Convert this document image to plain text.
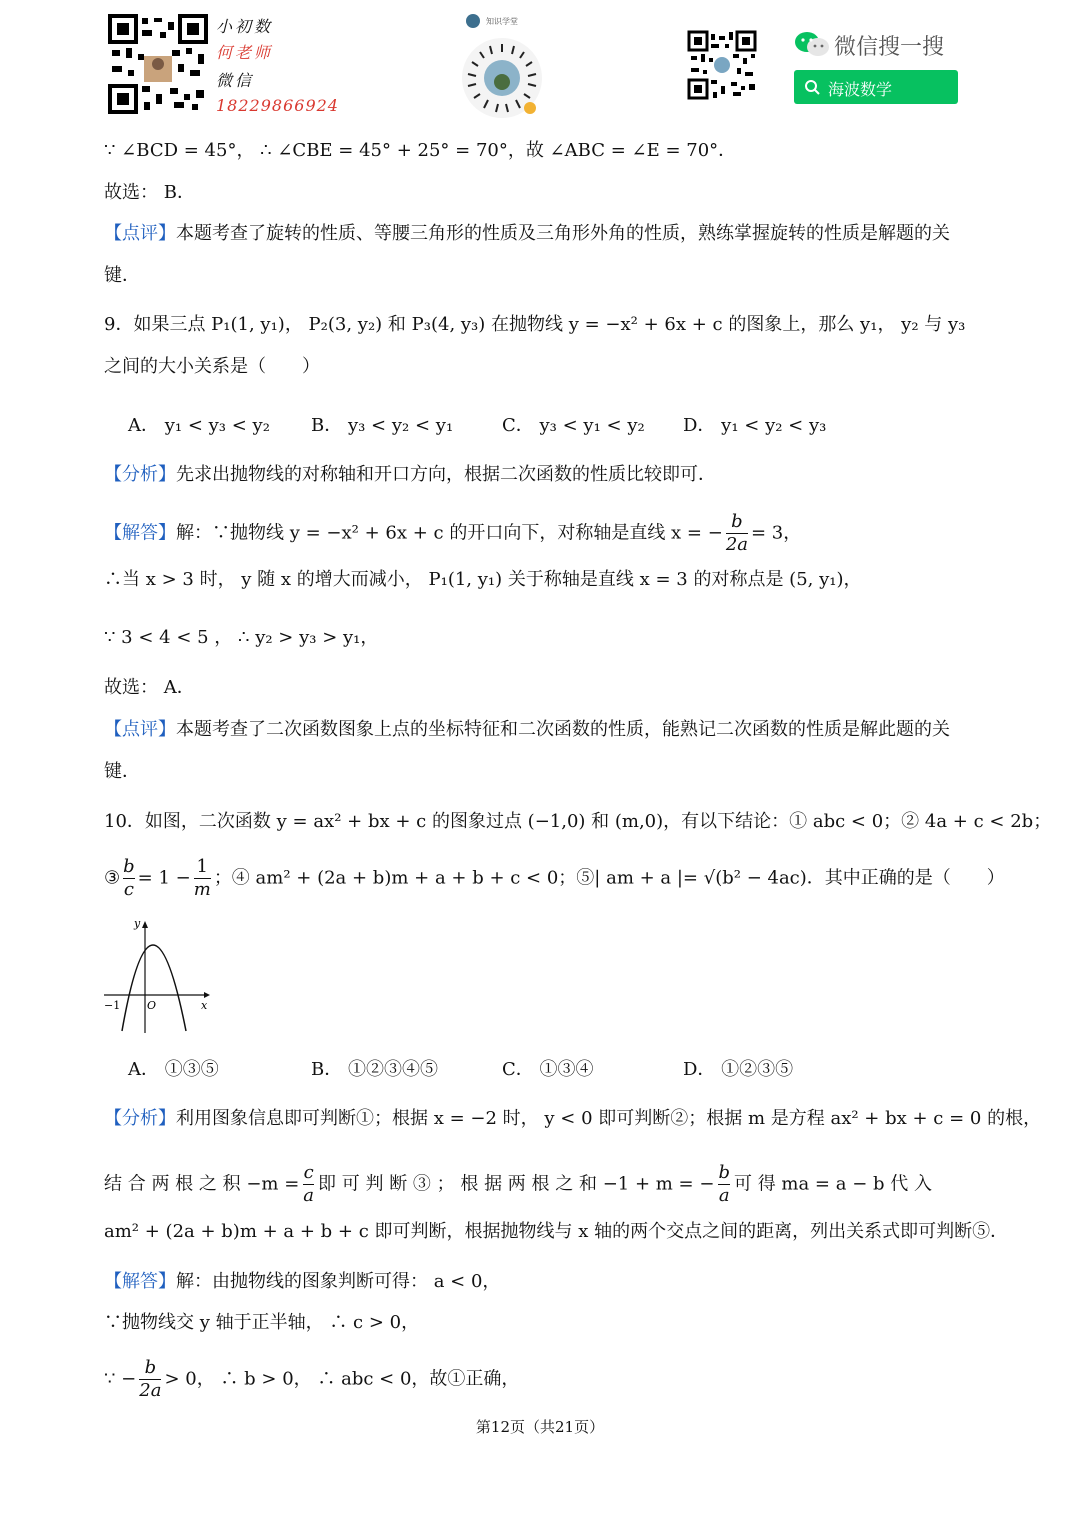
小初数
何老师
微信
18229866924
知识学堂
微信搜一搜
海波数学
∵ ∠BCD = 45°， ∴ ∠CBE = 45° + 25° = 70°，故 ∠ABC = ∠E = 70°．
故选： B．
【点评】本题考查了旋转的性质、等腰三角形的性质及三角形外角的性质，熟练掌握旋转的性质是解题的关键．
9．如果三点 P₁(1, y₁)， P₂(3, y₂) 和 P₃(4, y₃) 在抛物线 y = −x² + 6x + c 的图象上，那么 y₁， y₂ 与 y₃ 之间的大小关系是（　　）
A． y₁ < y₃ < y₂ B． y₃ < y₂ < y₁	C． y₃ < y₁ < y₂ D． y₁ < y₂ < y₃
【分析】先求出抛物线的对称轴和开口方向，根据二次函数的性质比较即可．
【解答】解：∵抛物线 y = −x² + 6x + c 的开口向下，对称轴是直线 x = − $\frac{b}{2a} = 3$，
∴当 x > 3 时， y 随 x 的增大而减小， P₁(1, y₁) 关于称轴是直线 x = 3 的对称点是 (5, y₁)，
∵ 3 < 4 < 5 ， ∴ y₂ > y₃ > y₁，
故选： A．
【点评】本题考查了二次函数图象上点的坐标特征和二次函数的性质，能熟记二次函数的性质是解此题的关键．
10．如图，二次函数 y = ax² + bx + c 的图象过点 (−1,0) 和 (m,0)，有以下结论：① abc < 0；② 4a + c < 2b；
③ $\frac{b}{c} = 1 - \frac{1}{m}$ ；④ am² + (2a + b)m + a + b + c < 0；⑤| am + a |= √(b² − 4ac)．其中正确的是（　　）
y
x
O
−1
A． ①③⑤	B． ①②③④⑤	C． ①③④	D． ①②③⑤
【分析】利用图象信息即可判断①；根据 x = −2 时， y < 0 即可判断②；根据 m 是方程 ax² + bx + c = 0 的根，
结 合 两 根 之 积 $-m = \frac{c}{a}$ 即 可 判 断 ③ ； 根 据 两 根 之 和 −1 + m = − $\frac{b}{a}$ 可 得 ma = a − b 代 入
am² + (2a + b)m + a + b + c 即可判断，根据抛物线与 x 轴的两个交点之间的距离，列出关系式即可判断⑤．
【解答】解：由抛物线的图象判断可得： a < 0，
∵抛物线交 y 轴于正半轴， ∴ c > 0，
∵ − $\frac{b}{2a} > 0$， ∴ b > 0， ∴ abc < 0，故①正确，
第12页（共21页）
